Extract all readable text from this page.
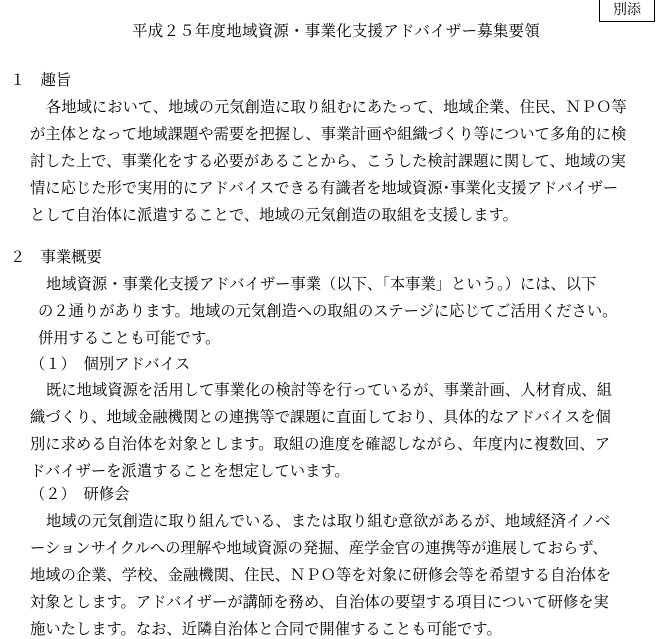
別添
平成２５年度地域資源・事業化支援アドバイザー募集要領
１　趣旨
各地域において、地域の元気創造に取り組むにあたって、地域企業、住民、ＮＰＯ等
が主体となって地域課題や需要を把握し、事業計画や組織づくり等について多角的に検
討した上で、事業化をする必要があることから、こうした検討課題に関して、地域の実
情に応じた形で実用的にアドバイスできる有識者を地域資源･事業化支援アドバイザー
として自治体に派遣することで、地域の元気創造の取組を支援します。
２　事業概要
地域資源・事業化支援アドバイザー事業（以下、「本事業」という。）には、以下
の２通りがあります。地域の元気創造への取組のステージに応じてご活用ください。
併用することも可能です。
（１）　個別アドバイス
既に地域資源を活用して事業化の検討等を行っているが、事業計画、人材育成、組
織づくり、地域金融機関との連携等で課題に直面しており、具体的なアドバイスを個
別に求める自治体を対象とします。取組の進度を確認しながら、年度内に複数回、ア
ドバイザーを派遣することを想定しています。
（２）　研修会
地域の元気創造に取り組んでいる、または取り組む意欲があるが、地域経済イノベ
ーションサイクルへの理解や地域資源の発掘、産学金官の連携等が進展しておらず、
地域の企業、学校、金融機関、住民、ＮＰＯ等を対象に研修会等を希望する自治体を
対象とします。アドバイザーが講師を務め、自治体の要望する項目について研修を実
施いたします。なお、近隣自治体と合同で開催することも可能です。
